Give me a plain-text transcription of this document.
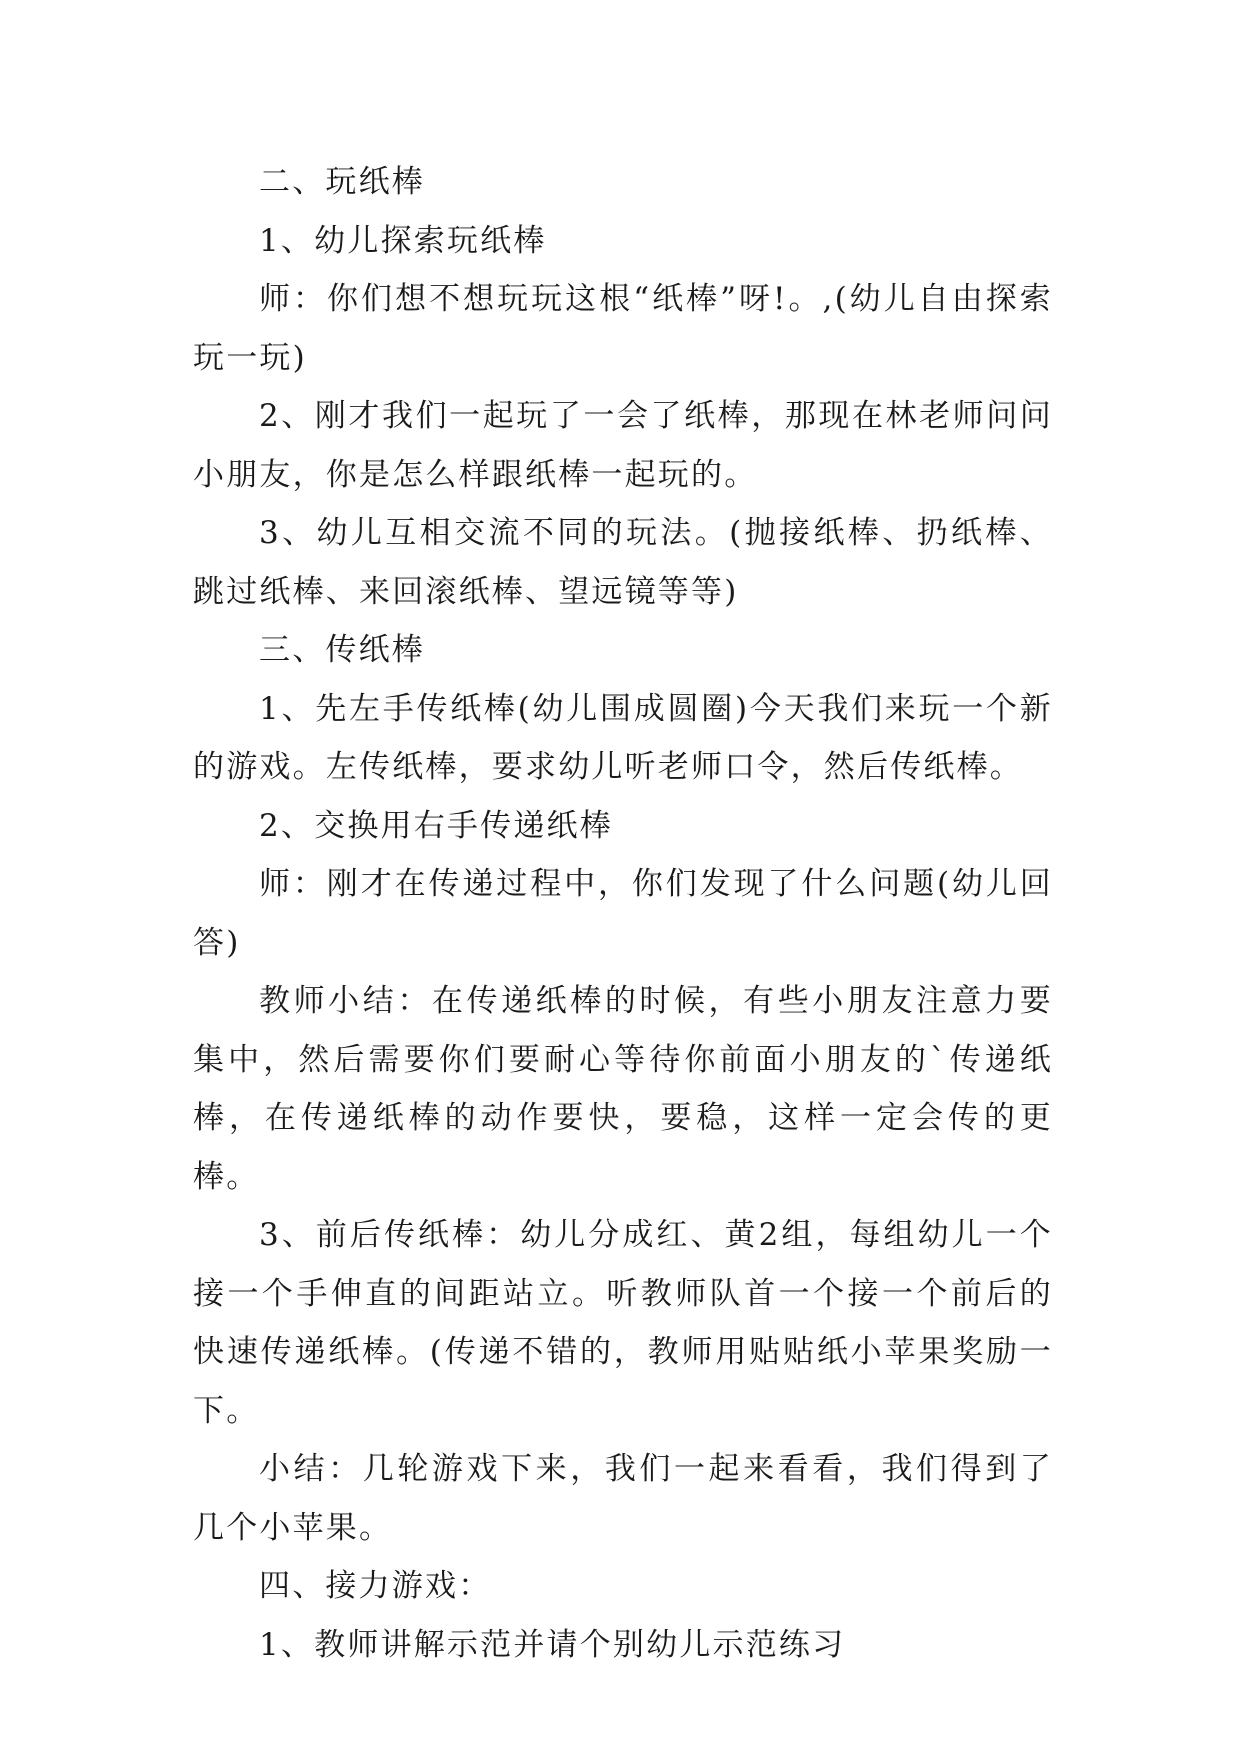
二、玩纸棒

1、幼儿探索玩纸棒

师：你们想不想玩玩这根“纸棒”呀!。,(幼儿自由探索玩一玩)

2、刚才我们一起玩了一会了纸棒，那现在林老师问问小朋友，你是怎么样跟纸棒一起玩的。

3、幼儿互相交流不同的玩法。(抛接纸棒、扔纸棒、跳过纸棒、来回滚纸棒、望远镜等等)

三、传纸棒

1、先左手传纸棒(幼儿围成圆圈)今天我们来玩一个新的游戏。左传纸棒，要求幼儿听老师口令，然后传纸棒。

2、交换用右手传递纸棒

师：刚才在传递过程中，你们发现了什么问题(幼儿回答)

教师小结：在传递纸棒的时候，有些小朋友注意力要集中，然后需要你们要耐心等待你前面小朋友的`传递纸棒，在传递纸棒的动作要快，要稳，这样一定会传的更棒。

3、前后传纸棒：幼儿分成红、黄2组，每组幼儿一个接一个手伸直的间距站立。听教师队首一个接一个前后的快速传递纸棒。(传递不错的，教师用贴贴纸小苹果奖励一下。

小结：几轮游戏下来，我们一起来看看，我们得到了几个小苹果。

四、接力游戏：

1、教师讲解示范并请个别幼儿示范练习
